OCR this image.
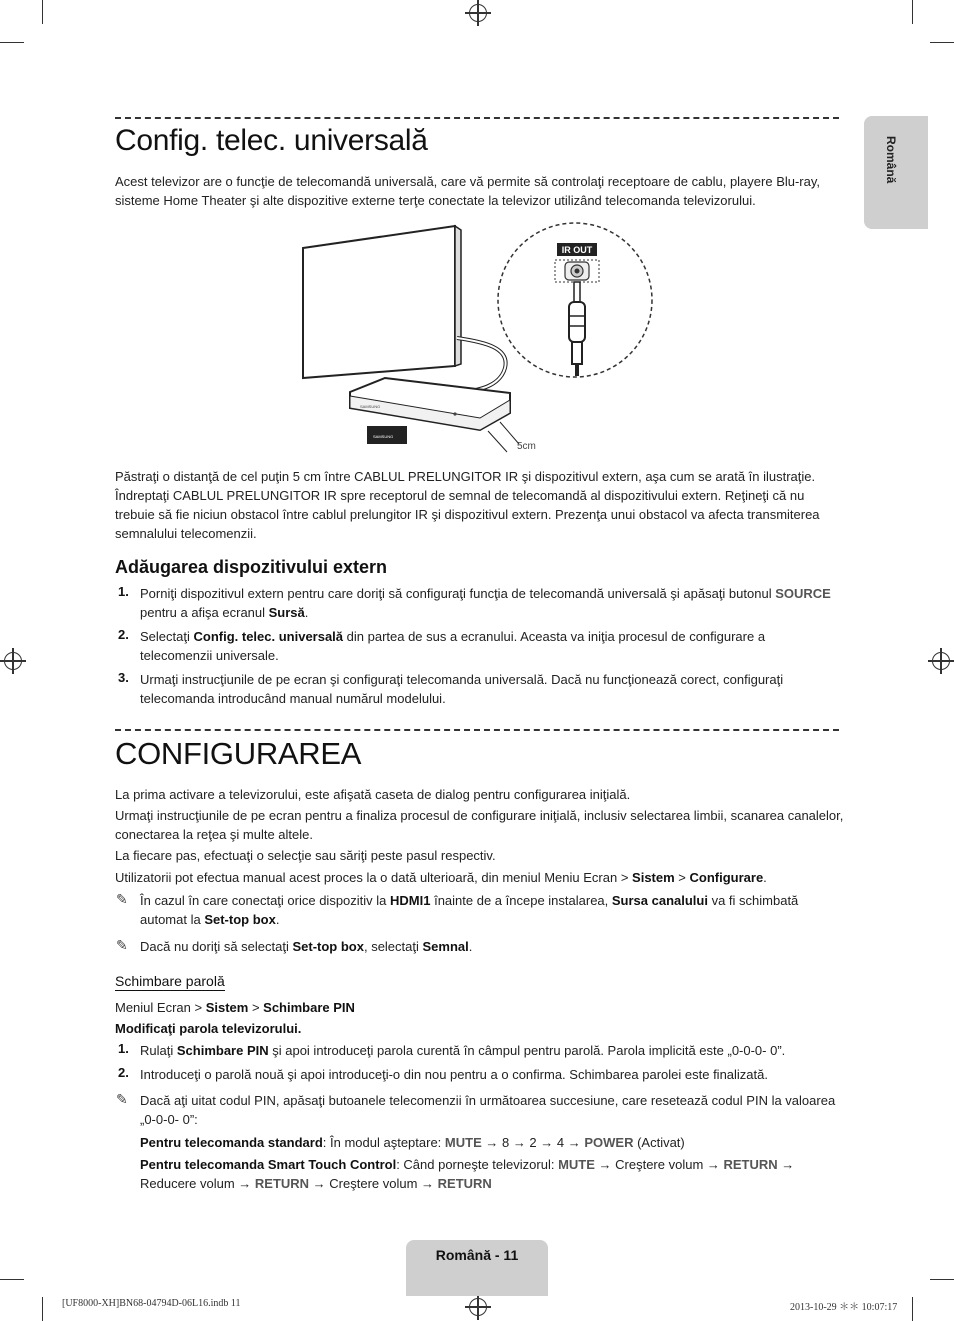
Română
Config. telec. universală

Acest televizor are o funcţie de telecomandă universală, care vă permite să controlaţi receptoare de cablu, playere Blu-ray, sisteme Home Theater şi alte dispozitive externe terţe conectate la televizor utilizând telecomanda televizorului.

SAMSUNG
SAMSUNG
5cm
IR OUT

Păstraţi o distanţă de cel puţin 5 cm între CABLUL PRELUNGITOR IR şi dispozitivul extern, aşa cum se arată în ilustraţie.

Îndreptaţi CABLUL PRELUNGITOR IR spre receptorul de semnal de telecomandă al dispozitivului extern. Reţineţi că nu trebuie să fie niciun obstacol între cablul prelungitor IR şi dispozitivul extern. Prezenţa unui obstacol va afecta transmiterea semnalului telecomenzii.

Adăugarea dispozitivului extern
1. Porniţi dispozitivul extern pentru care doriţi să configuraţi funcţia de telecomandă universală şi apăsaţi butonul SOURCE pentru a afişa ecranul Sursă.

2. Selectaţi Config. telec. universală din partea de sus a ecranului. Aceasta va iniţia procesul de configurare a telecomenzii universale.

3. Urmaţi instrucţiunile de pe ecran şi configuraţi telecomanda universală. Dacă nu funcţionează corect, configuraţi telecomanda introducând manual numărul modelului.

CONFIGURAREA

La prima activare a televizorului, este afişată caseta de dialog pentru configurarea iniţială.

Urmaţi instrucţiunile de pe ecran pentru a finaliza procesul de configurare iniţială, inclusiv selectarea limbii, scanarea canalelor, conectarea la reţea şi multe altele.

La fiecare pas, efectuaţi o selecţie sau săriţi peste pasul respectiv.

Utilizatorii pot efectua manual acest proces la o dată ulterioară, din meniul Meniu Ecran > Sistem > Configurare.

✎ În cazul în care conectaţi orice dispozitiv la HDMI1 înainte de a începe instalarea, Sursa canalului va fi schimbată automat la Set-top box.

✎ Dacă nu doriţi să selectaţi Set-top box, selectaţi Semnal.

Schimbare parolă

Meniul Ecran > Sistem > Schimbare PIN

Modificaţi parola televizorului.

1. Rulaţi Schimbare PIN şi apoi introduceţi parola curentă în câmpul pentru parolă. Parola implicită este „0-0-0- 0”.

2. Introduceţi o parolă nouă şi apoi introduceţi-o din nou pentru a o confirma. Schimbarea parolei este finalizată.

✎ Dacă aţi uitat codul PIN, apăsaţi butoanele telecomenzii în următoarea succesiune, care resetează codul PIN la valoarea „0-0-0- 0”:

Pentru telecomanda standard: În modul aşteptare: MUTE → 8 → 2 → 4 → POWER (Activat)

Pentru telecomanda Smart Touch Control: Când porneşte televizorul: MUTE → Creştere volum → RETURN → Reducere volum → RETURN → Creştere volum → RETURN

Română - 11
[UF8000-XH]BN68-04794D-06L16.indb 11	2013-10-29 ＊＊ 10:07:17
